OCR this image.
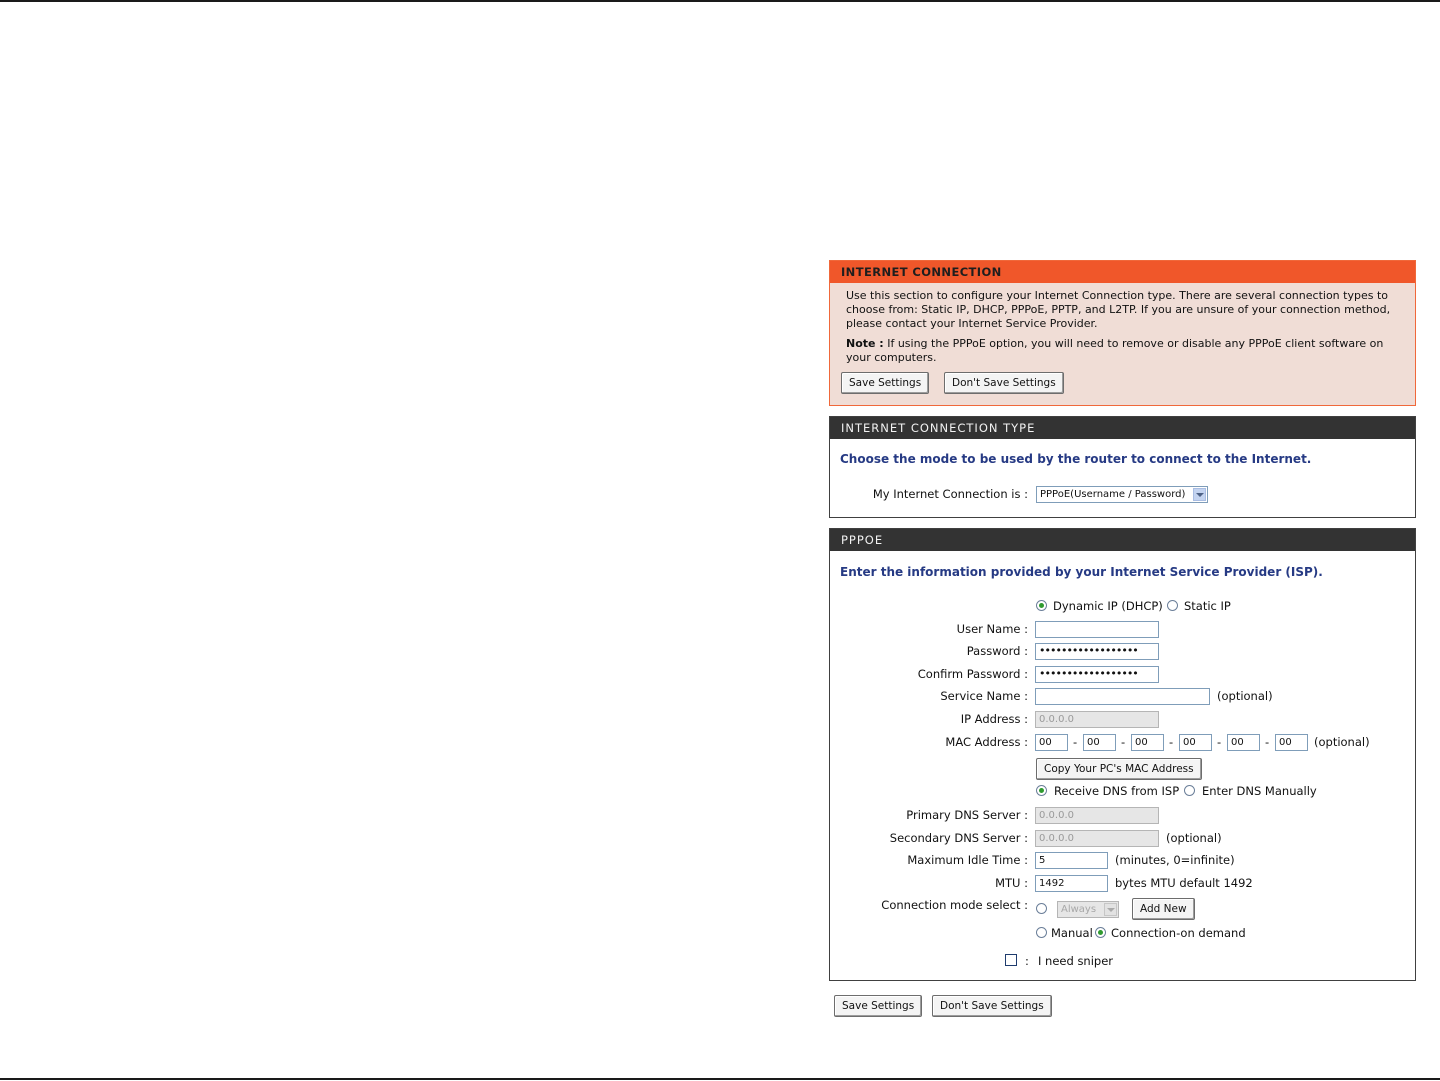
INTERNET CONNECTION

Use this section to configure your Internet Connection type. There are several connection types to choose from: Static IP, DHCP, PPPoE, PPTP, and L2TP. If you are unsure of your connection method, please contact your Internet Service Provider.

Note : If using the PPPoE option, you will need to remove or disable any PPPoE client software on your computers.

Save Settings	Don't Save Settings
INTERNET CONNECTION TYPE
Choose the mode to be used by the router to connect to the Internet.
My Internet Connection is :	PPPoE(Username / Password)
PPPOE
Enter the information provided by your Internet Service Provider (ISP).
Dynamic IP (DHCP) Static IP
User Name :
Password :	••••••••••••••••••
Confirm Password :	••••••••••••••••••
Service Name :	(optional)
IP Address :	0.0.0.0
MAC Address :	00	- 00	- 00	- 00	- 00	- 00	(optional)
Copy Your PC's MAC Address
Receive DNS from ISP Enter DNS Manually
Primary DNS Server :	0.0.0.0
Secondary DNS Server :	0.0.0.0	(optional)
Maximum Idle Time :	5	(minutes, 0=infinite)
MTU :	1492	bytes MTU default 1492
Connection mode select :	Always	Add New
Manual Connection-on demand
: I need sniper
Save Settings	Don't Save Settings
